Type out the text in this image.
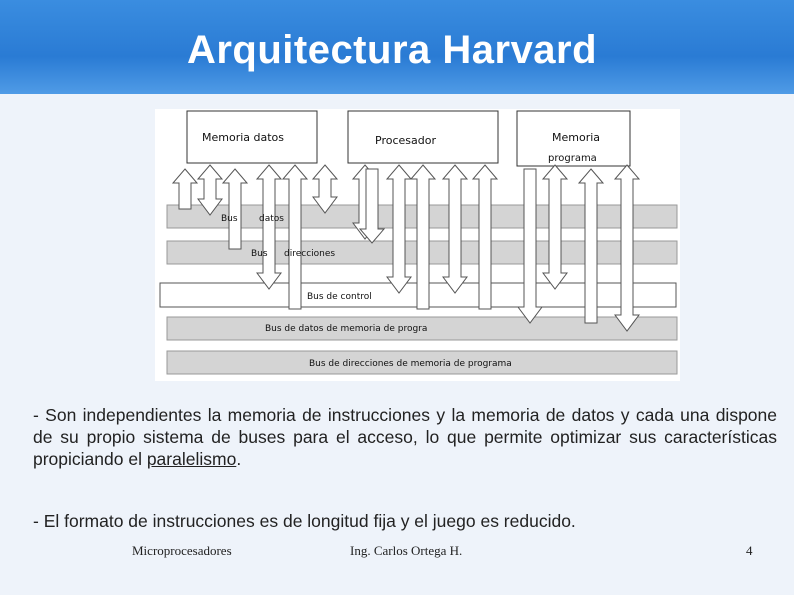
Arquitectura Harvard
Memoria datos	Procesador	Memoria
programa
Bus datos
Bus direcciones
Bus de control
Bus de datos de memoria de progra
Bus de direcciones de memoria de programa
- Son independientes la memoria de instrucciones y la memoria de datos y cada una dispone de su propio sistema de buses para el acceso, lo que permite optimizar sus características propiciando el paralelismo.
- El formato de instrucciones es de longitud fija y el juego es reducido.
Microprocesadores	Ing. Carlos Ortega H.	4
